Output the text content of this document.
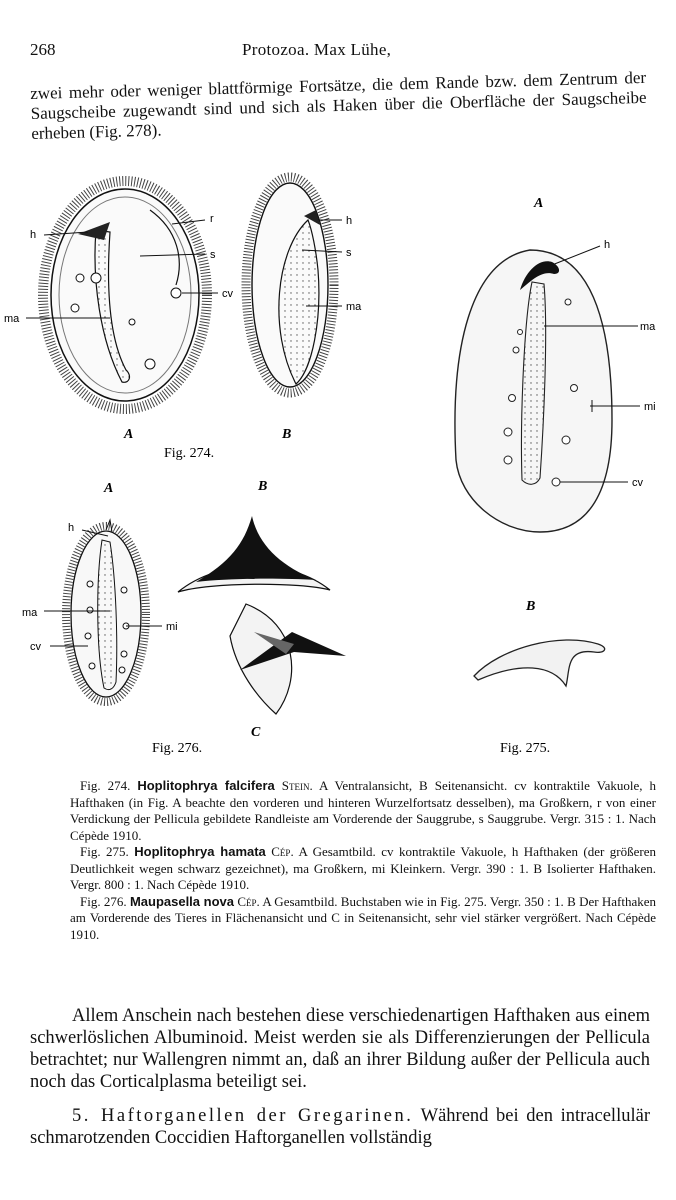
268	Protozoa. Max Lühe,

zwei mehr oder weniger blattförmige Fortsätze, die dem Rande bzw. dem Zentrum der Saugscheibe zugewandt sind und sich als Haken über die Oberfläche der Saugscheibe erheben (Fig. 278).

h
r
s
cv
ma
A
h
s
ma
B
Fig. 274.
A
h
ma
mi
cv
B
Fig. 275.
A
h
ma
mi
cv
Fig. 276.
B
C

Fig. 274. Hoplitophrya falcifera Stein. A Ventralansicht, B Seitenansicht. cv kontraktile Vakuole, h Hafthaken (in Fig. A beachte den vorderen und hinteren Wurzelfortsatz desselben), ma Großkern, r von einer Verdickung der Pellicula gebildete Randleiste am Vorderende der Sauggrube, s Sauggrube. Vergr. 315 : 1. Nach Cépède 1910.

Fig. 275. Hoplitophrya hamata Cép. A Gesamtbild. cv kontraktile Vakuole, h Hafthaken (der größeren Deutlichkeit wegen schwarz gezeichnet), ma Großkern, mi Kleinkern. Vergr. 390 : 1. B Isolierter Hafthaken. Vergr. 800 : 1. Nach Cépède 1910.

Fig. 276. Maupasella nova Cép. A Gesamtbild. Buchstaben wie in Fig. 275. Vergr. 350 : 1. B Der Hafthaken am Vorderende des Tieres in Flächenansicht und C in Seitenansicht, sehr viel stärker vergrößert. Nach Cépède 1910.

Allem Anschein nach bestehen diese verschiedenartigen Hafthaken aus einem schwerlöslichen Albuminoid. Meist werden sie als Differenzierungen der Pellicula betrachtet; nur Wallengren nimmt an, daß an ihrer Bildung außer der Pellicula auch noch das Corticalplasma beteiligt sei.

5. Haftorganellen der Gregarinen. Während bei den intracellulär schmarotzenden Coccidien Haftorganellen vollständig
